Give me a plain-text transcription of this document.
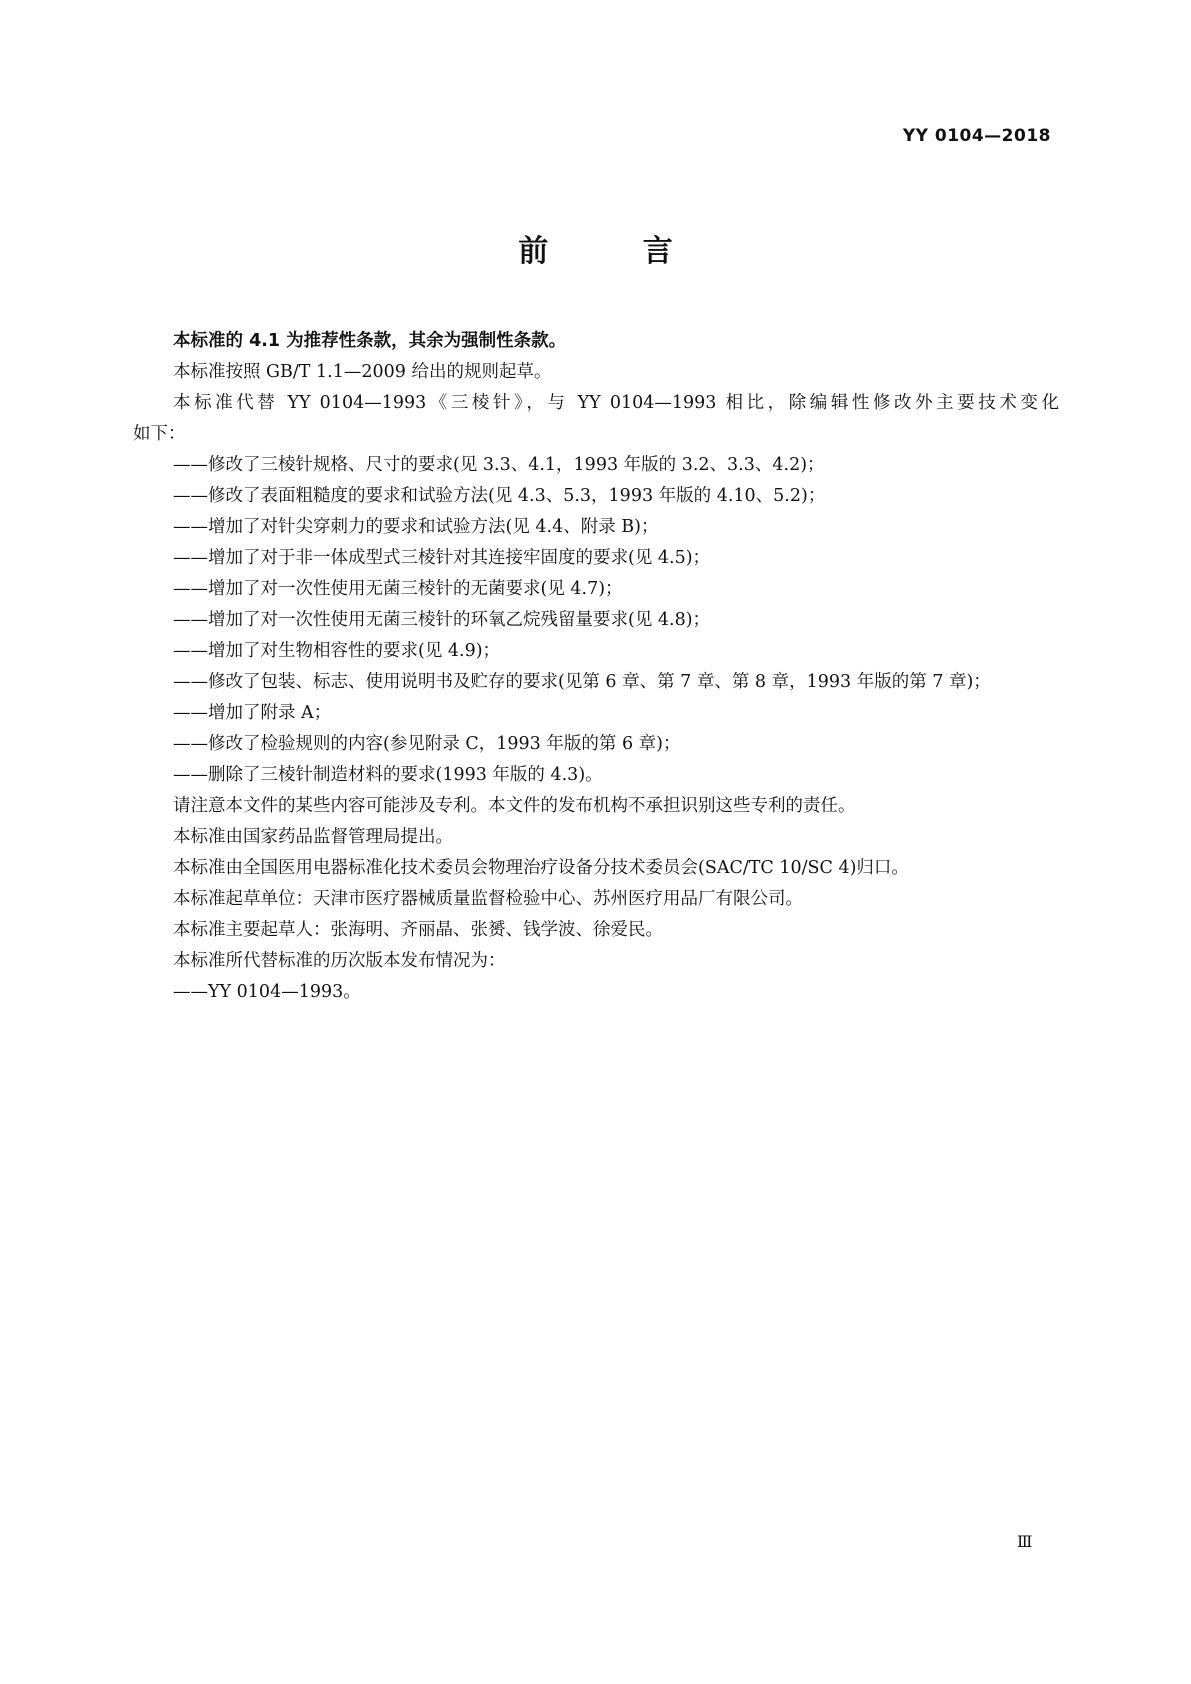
YY 0104—2018
前 言
本标准的 4.1 为推荐性条款，其余为强制性条款。
本标准按照 GB/T 1.1—2009 给出的规则起草。
本标准代替 YY 0104—1993《三棱针》，与 YY 0104—1993 相比，除编辑性修改外主要技术变化
如下：
——修改了三棱针规格、尺寸的要求(见 3.3、4.1，1993 年版的 3.2、3.3、4.2)；
——修改了表面粗糙度的要求和试验方法(见 4.3、5.3，1993 年版的 4.10、5.2)；
——增加了对针尖穿刺力的要求和试验方法(见 4.4、附录 B)；
——增加了对于非一体成型式三棱针对其连接牢固度的要求(见 4.5)；
——增加了对一次性使用无菌三棱针的无菌要求(见 4.7)；
——增加了对一次性使用无菌三棱针的环氧乙烷残留量要求(见 4.8)；
——增加了对生物相容性的要求(见 4.9)；
——修改了包装、标志、使用说明书及贮存的要求(见第 6 章、第 7 章、第 8 章，1993 年版的第 7 章)；
——增加了附录 A；
——修改了检验规则的内容(参见附录 C，1993 年版的第 6 章)；
——删除了三棱针制造材料的要求(1993 年版的 4.3)。
请注意本文件的某些内容可能涉及专利。本文件的发布机构不承担识别这些专利的责任。
本标准由国家药品监督管理局提出。
本标准由全国医用电器标准化技术委员会物理治疗设备分技术委员会(SAC/TC 10/SC 4)归口。
本标准起草单位：天津市医疗器械质量监督检验中心、苏州医疗用品厂有限公司。
本标准主要起草人：张海明、齐丽晶、张赟、钱学波、徐爱民。
本标准所代替标准的历次版本发布情况为：
——YY 0104—1993。
Ⅲ
